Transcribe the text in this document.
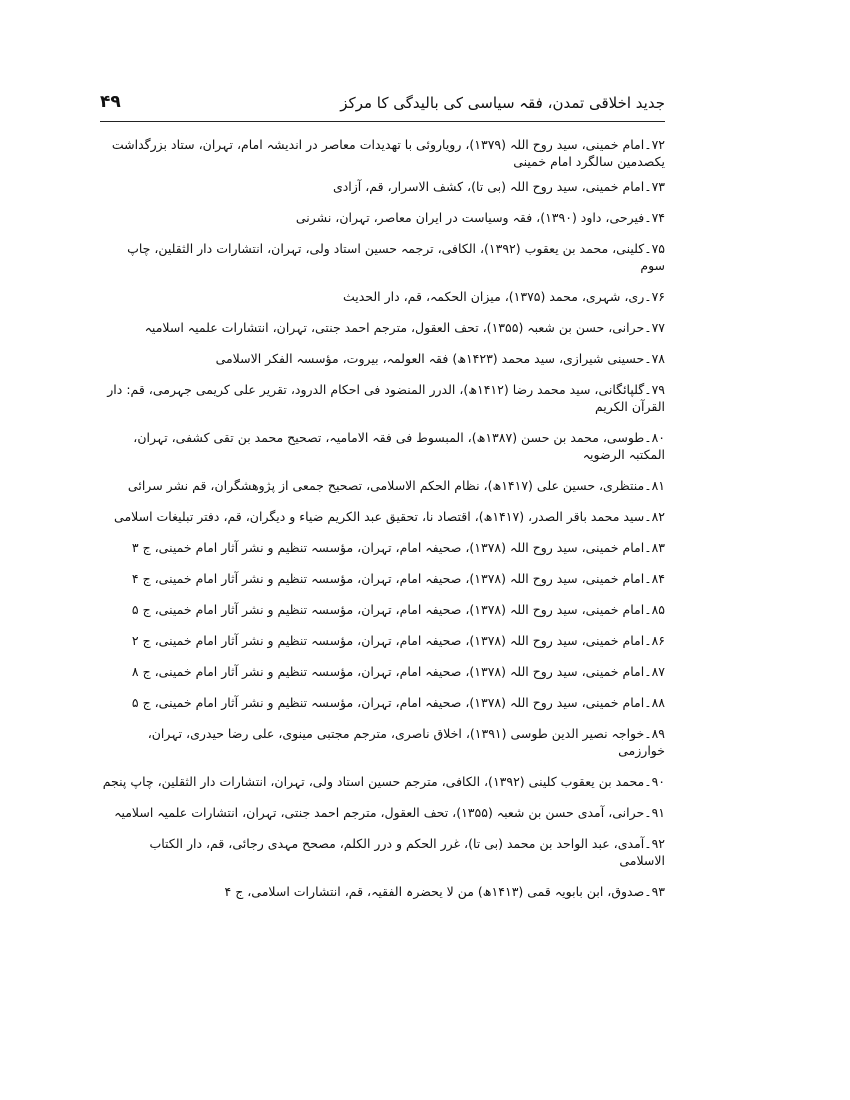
جدید اخلاقی تمدن، فقہ سیاسی کی بالیدگی کا مرکز
۴۹
۷۲۔امام خمینی، سید روح اللہ (۱۳۷۹)، رویاروئی با تهدیدات معاصر در اندیشہ امام، تہران، ستاد بزرگداشت یکصدمین سالگرد امام خمینی
۷۳۔امام خمینی، سید روح اللہ (بی تا)، کشف الاسرار، قم، آزادی
۷۴۔فیرحی، داود (۱۳۹۰)، فقہ وسیاست در ایران معاصر، تہران، نشرنی
۷۵۔کلینی، محمد بن یعقوب (۱۳۹۲)، الکافی، ترجمہ حسین استاد ولی، تہران، انتشارات دار الثقلین، چاپ سوم
۷۶۔ری، شہری، محمد (۱۳۷۵)، میزان الحکمہ، قم، دار الحدیث
۷۷۔حرانی، حسن بن شعبہ (۱۳۵۵)، تحف العقول، مترجم احمد جنتی، تہران، انتشارات علمیہ اسلامیہ
۷۸۔حسینی شیرازی، سید محمد (۱۴۲۳ھ) فقہ العولمہ، بیروت، مؤسسہ الفکر الاسلامی
۷۹۔گلپائگانی، سید محمد رضا (۱۴۱۲ھ)، الدرر المنضود فی احکام الدرود، تقریر علی کریمی جہرمی، قم: دار القرآن الکریم
۸۰۔طوسی، محمد بن حسن (۱۳۸۷ھ)، المبسوط فی فقہ الامامیہ، تصحیح محمد بن تقی کشفی، تہران، المکتبہ الرضویہ
۸۱۔منتظری، حسین علی (۱۴۱۷ھ)، نظام الحکم الاسلامی، تصحیح جمعی از پژوهشگران، قم نشر سرائی
۸۲۔سید محمد باقر الصدر، (۱۴۱۷ھ)، اقتصاد نا، تحقیق عبد الکریم ضیاء و دیگران، قم، دفتر تبلیغات اسلامی
۸۳۔امام خمینی، سید روح اللہ (۱۳۷۸)، صحیفہ امام، تہران، مؤسسہ تنظیم و نشر آثار امام خمینی، ج ۳
۸۴۔امام خمینی، سید روح اللہ (۱۳۷۸)، صحیفہ امام، تہران، مؤسسہ تنظیم و نشر آثار امام خمینی، ج ۴
۸۵۔امام خمینی، سید روح اللہ (۱۳۷۸)، صحیفہ امام، تہران، مؤسسہ تنظیم و نشر آثار امام خمینی، ج ۵
۸۶۔امام خمینی، سید روح اللہ (۱۳۷۸)، صحیفہ امام، تہران، مؤسسہ تنظیم و نشر آثار امام خمینی، ج ۲
۸۷۔امام خمینی، سید روح اللہ (۱۳۷۸)، صحیفہ امام، تہران، مؤسسہ تنظیم و نشر آثار امام خمینی، ج ۸
۸۸۔امام خمینی، سید روح اللہ (۱۳۷۸)، صحیفہ امام، تہران، مؤسسہ تنظیم و نشر آثار امام خمینی، ج ۵
۸۹۔خواجہ نصیر الدین طوسی (۱۳۹۱)، اخلاق ناصری، مترجم مجتبی مینوی، علی رضا حیدری، تہران، خوارزمی
۹۰۔محمد بن یعقوب کلینی (۱۳۹۲)، الکافی، مترجم حسین استاد ولی، تہران، انتشارات دار الثقلین، چاپ پنجم
۹۱۔حرانی، آمدی حسن بن شعبہ (۱۳۵۵)، تحف العقول، مترجم احمد جنتی، تہران، انتشارات علمیہ اسلامیہ
۹۲۔آمدی، عبد الواحد بن محمد (بی تا)، غرر الحکم و درر الکلم، مصحح مہدی رجائی، قم، دار الکتاب الاسلامی
۹۳۔صدوق، ابن بابویہ قمی (۱۴۱۳ھ) من لا یحضرہ الفقیہ، قم، انتشارات اسلامی، ج ۴
